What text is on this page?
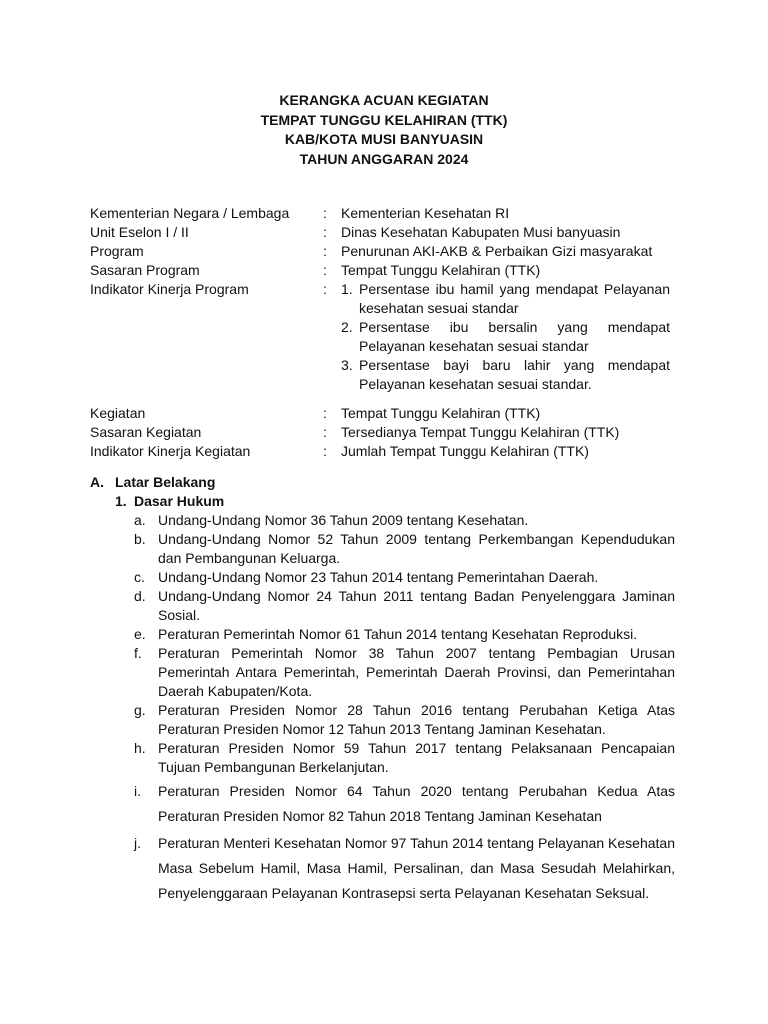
KERANGKA ACUAN KEGIATAN
TEMPAT TUNGGU KELAHIRAN (TTK)
KAB/KOTA MUSI BANYUASIN
TAHUN ANGGARAN 2024
Kementerian Negara / Lembaga	:	Kementerian Kesehatan RI
Unit Eselon I / II	:	Dinas Kesehatan Kabupaten Musi banyuasin
Program	:	Penurunan AKI-AKB & Perbaikan Gizi masyarakat
Sasaran Program	:	Tempat Tunggu Kelahiran (TTK)
Indikator Kinerja Program	:	1. Persentase ibu hamil yang mendapat Pelayanan kesehatan sesuai standar
2. Persentase ibu bersalin yang mendapat Pelayanan kesehatan sesuai standar
3. Persentase bayi baru lahir yang mendapat Pelayanan kesehatan sesuai standar.
Kegiatan	:	Tempat Tunggu Kelahiran (TTK)
Sasaran Kegiatan	:	Tersedianya Tempat Tunggu Kelahiran (TTK)
Indikator Kinerja Kegiatan	:	Jumlah Tempat Tunggu Kelahiran (TTK)
A. Latar Belakang
1. Dasar Hukum
a. Undang-Undang Nomor 36 Tahun 2009 tentang Kesehatan.
b. Undang-Undang Nomor 52 Tahun 2009 tentang Perkembangan Kependudukan dan Pembangunan Keluarga.
c. Undang-Undang Nomor 23 Tahun 2014 tentang Pemerintahan Daerah.
d. Undang-Undang Nomor 24 Tahun 2011 tentang Badan Penyelenggara Jaminan Sosial.
e. Peraturan Pemerintah Nomor 61 Tahun 2014 tentang Kesehatan Reproduksi.
f.	Peraturan Pemerintah Nomor 38 Tahun 2007 tentang Pembagian Urusan Pemerintah Antara Pemerintah, Pemerintah Daerah Provinsi, dan Pemerintahan Daerah Kabupaten/Kota.
g. Peraturan Presiden Nomor 28 Tahun 2016 tentang Perubahan Ketiga Atas Peraturan Presiden Nomor 12 Tahun 2013 Tentang Jaminan Kesehatan.
h. Peraturan Presiden Nomor 59 Tahun 2017 tentang Pelaksanaan Pencapaian Tujuan Pembangunan Berkelanjutan.
i.	Peraturan Presiden Nomor 64 Tahun 2020 tentang Perubahan Kedua Atas Peraturan Presiden Nomor 82 Tahun 2018 Tentang Jaminan Kesehatan
j.	Peraturan Menteri Kesehatan Nomor 97 Tahun 2014 tentang Pelayanan Kesehatan Masa Sebelum Hamil, Masa Hamil, Persalinan, dan Masa Sesudah Melahirkan, Penyelenggaraan Pelayanan Kontrasepsi serta Pelayanan Kesehatan Seksual.
